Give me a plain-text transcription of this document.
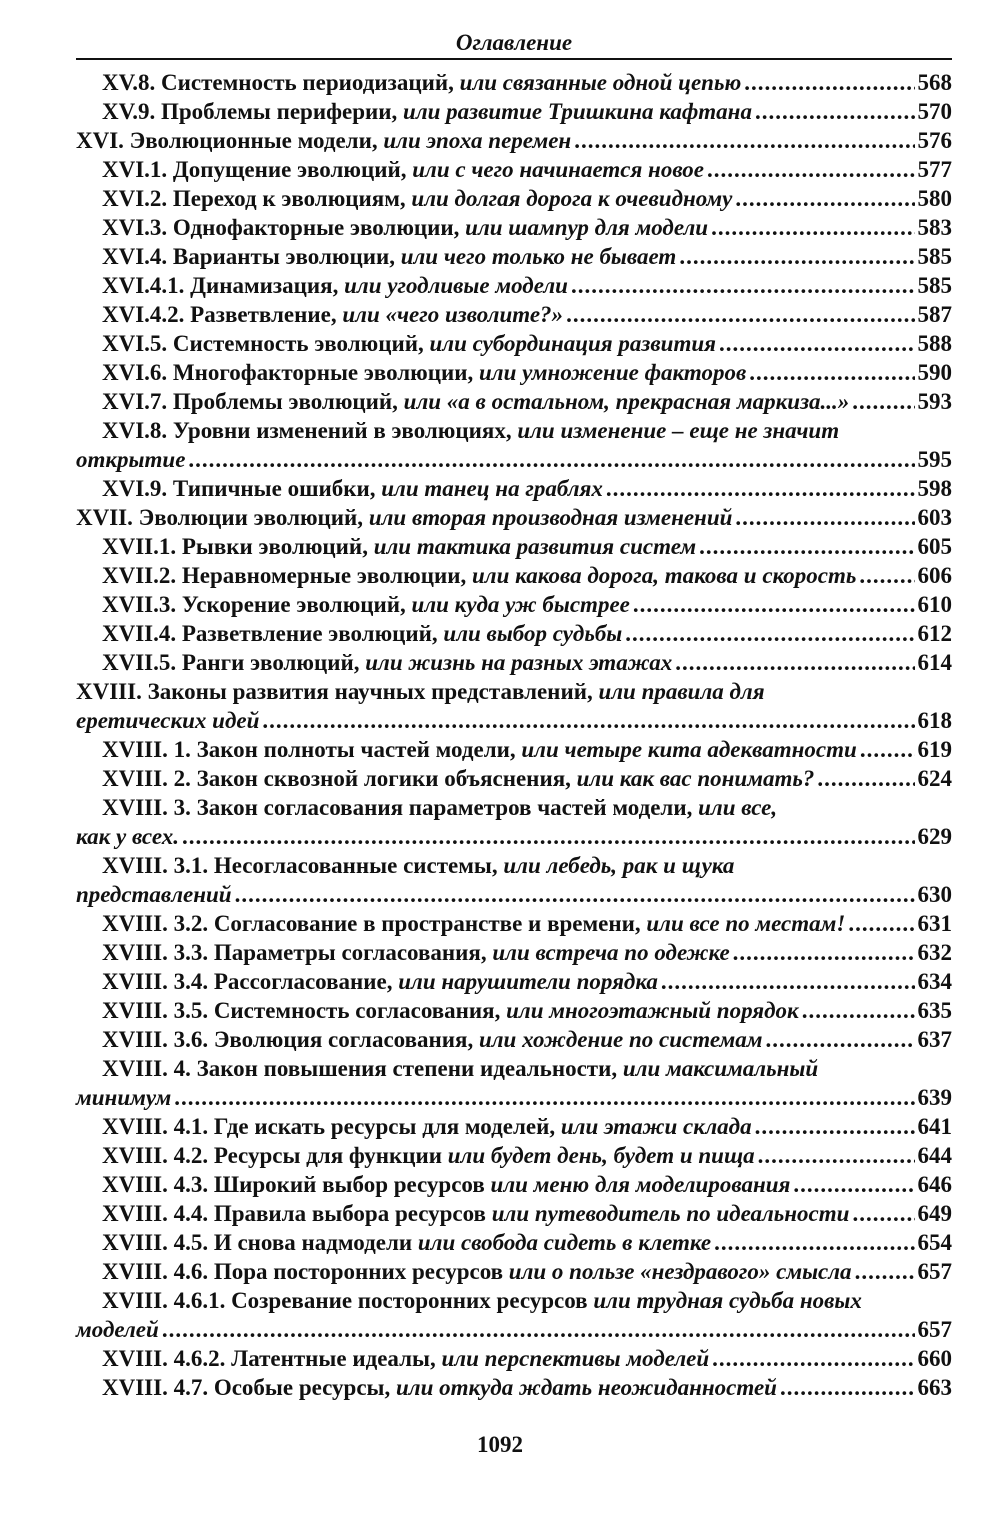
Оглавление
XV.8. Системность периодизаций, или связанные одной цепью .....	568
XV.9. Проблемы периферии, или развитие Тришкина кафтана .....	570
XVI. Эволюционные модели, или эпоха перемен .....	576
XVI.1. Допущение эволюций, или с чего начинается новое .....	577
XVI.2. Переход к эволюциям, или долгая дорога к очевидному .....	580
XVI.3. Однофакторные эволюции, или шампур для модели .....	583
XVI.4. Варианты эволюции, или чего только не бывает .....	585
XVI.4.1. Динамизация, или угодливые модели .....	585
XVI.4.2. Разветвление, или «чего изволите?» .....	587
XVI.5. Системность эволюций, или субординация развития .....	588
XVI.6. Многофакторные эволюции, или умножение факторов .....	590
XVI.7. Проблемы эволюций, или «а в остальном, прекрасная маркиза...» .....	593
XVI.8. Уровни изменений в эволюциях, или изменение – еще не значит
открытие .....	595
XVI.9. Типичные ошибки, или танец на граблях .....	598
XVII. Эволюции эволюций, или вторая производная изменений .....	603
XVII.1. Рывки эволюций, или тактика развития систем .....	605
XVII.2. Неравномерные эволюции, или какова дорога, такова и скорость .....	606
XVII.3. Ускорение эволюций, или куда уж быстрее .....	610
XVII.4. Разветвление эволюций, или выбор судьбы .....	612
XVII.5. Ранги эволюций, или жизнь на разных этажах .....	614
XVIII. Законы развития научных представлений, или правила для
еретических идей .....	618
XVIII. 1. Закон полноты частей модели, или четыре кита адекватности .....	619
XVIII. 2. Закон сквозной логики объяснения, или как вас понимать? .....	624
XVIII. 3. Закон согласования параметров частей модели, или все,
как у всех. .....	629
XVIII. 3.1. Несогласованные системы, или лебедь, рак и щука
представлений .....	630
XVIII. 3.2. Согласование в пространстве и времени, или все по местам! .....	631
XVIII. 3.3. Параметры согласования, или встреча по одежке .....	632
XVIII. 3.4. Рассогласование, или нарушители порядка .....	634
XVIII. 3.5. Системность согласования, или многоэтажный порядок .....	635
XVIII. 3.6. Эволюция согласования, или хождение по системам .....	637
XVIII. 4. Закон повышения степени идеальности, или максимальный
минимум .....	639
XVIII. 4.1. Где искать ресурсы для моделей, или этажи склада .....	641
XVIII. 4.2. Ресурсы для функции или будет день, будет и пища .....	644
XVIII. 4.3. Широкий выбор ресурсов или меню для моделирования .....	646
XVIII. 4.4. Правила выбора ресурсов или путеводитель по идеальности .....	649
XVIII. 4.5. И снова надмодели или свобода сидеть в клетке .....	654
XVIII. 4.6. Пора посторонних ресурсов или о пользе «нездравого» смысла .....	657
XVIII. 4.6.1. Созревание посторонних ресурсов или трудная судьба новых
моделей .....	657
XVIII. 4.6.2. Латентные идеалы, или перспективы моделей .....	660
XVIII. 4.7. Особые ресурсы, или откуда ждать неожиданностей .....	663
1092
